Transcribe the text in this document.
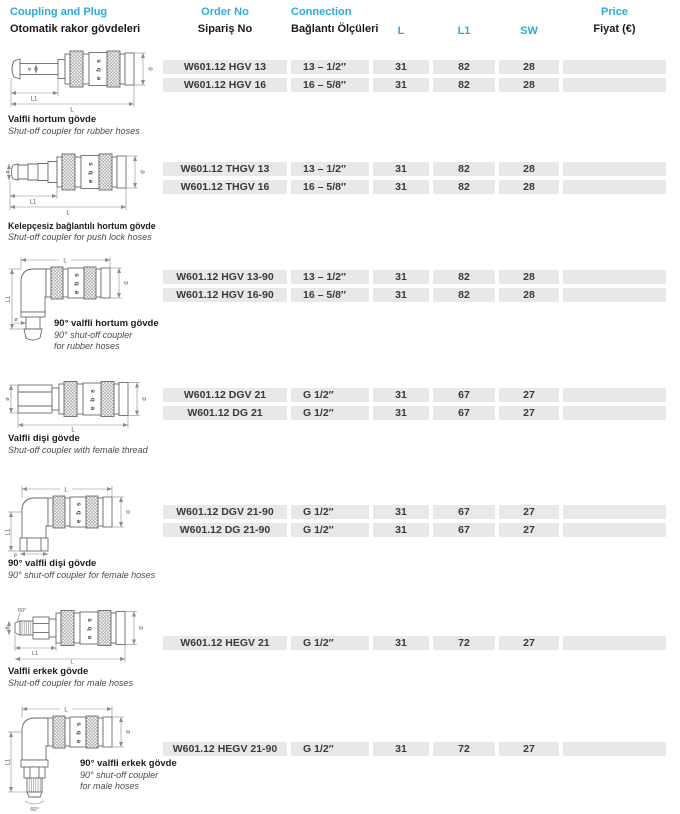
Coupling and Plug
Otomatik rakor gövdeleri
Order No
Sipariş No
Connection
Bağlantı Ölçüleri	L	L1	SW
Price
Fiyat (€)
ø	e b s	d
L1
L
Valfli hortum gövde
Shut-off coupler for rubber hoses
W601.12 HGV 13	13 – 1/2″	31	82	28
W601.12 HGV 16	16 – 5/8″	31	82	28
ø	e b s	d
L1
L
Kelepçesiz bağlantılı hortum gövde
Shut-off coupler for push lock hoses
W601.12 THGV 13	13 – 1/2″	31	82	28
W601.12 THGV 16	16 – 5/8″	31	82	28
L
e b s	d
L1
ø	90° valfli hortum gövde
90° shut-off coupler
for rubber hoses
W601.12 HGV 13-90	13 – 1/2″	31	82	28
W601.12 HGV 16-90	16 – 5/8″	31	82	28
e b s	d
ø
L
Valfli dişi gövde
Shut-off coupler with female thread
W601.12 DGV 21	G 1/2″	31	67	27
W601.12 DG 21	G 1/2″	31	67	27
L
e b s	d
L1
ø
90° valfli dişi gövde
90° shut-off coupler for female hoses
W601.12 DGV 21-90	G 1/2″	31	67	27
W601.12 DG 21-90	G 1/2″	31	67	27
e b s	d
ø
60°
L1
L
Valfli erkek gövde
Shut-off coupler for male hoses
W601.12 HEGV 21	G 1/2″	31	72	27
L
e b s	d
L1
60°
90° valfli erkek gövde
90° shut-off coupler
for male hoses
W601.12 HEGV 21-90	G 1/2″	31	72	27
